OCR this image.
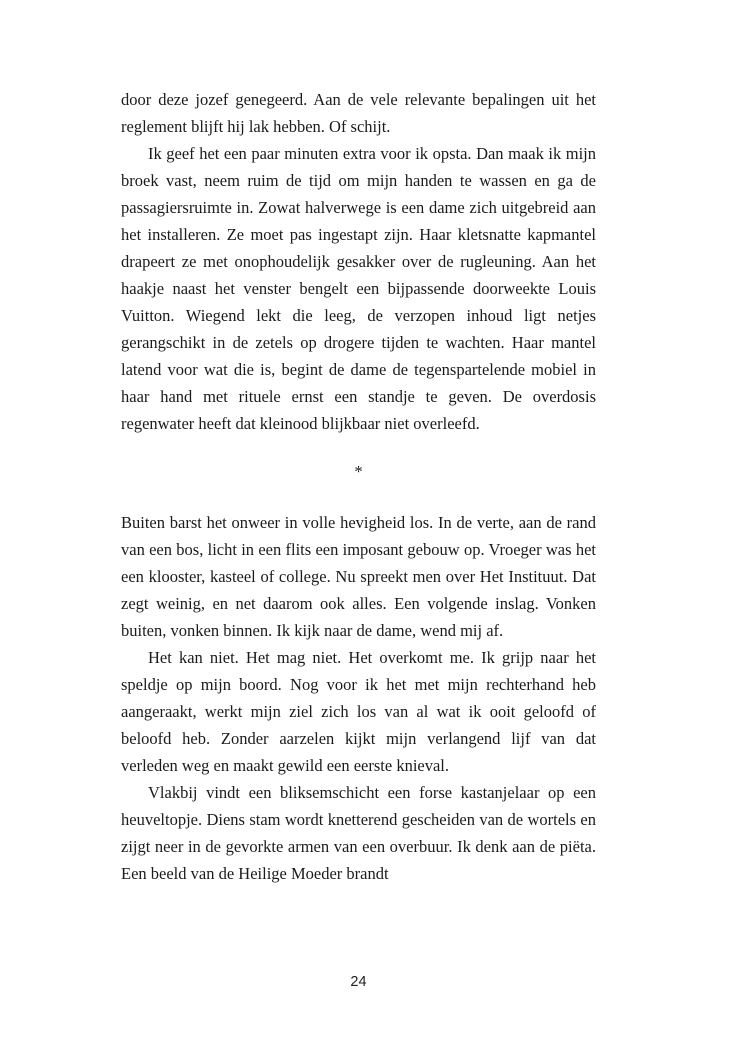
door deze jozef genegeerd. Aan de vele relevante bepalingen uit het reglement blijft hij lak hebben. Of schijt.

Ik geef het een paar minuten extra voor ik opsta. Dan maak ik mijn broek vast, neem ruim de tijd om mijn handen te wassen en ga de passagiersruimte in. Zowat halverwege is een dame zich uitgebreid aan het installeren. Ze moet pas ingestapt zijn. Haar kletsnatte kapmantel drapeert ze met onophoudelijk gesakker over de rugleuning. Aan het haakje naast het venster bengelt een bijpassende doorweekte Louis Vuitton. Wiegend lekt die leeg, de verzopen inhoud ligt netjes gerangschikt in de zetels op drogere tijden te wachten. Haar mantel latend voor wat die is, begint de dame de tegenspartelende mobiel in haar hand met rituele ernst een standje te geven. De overdosis regenwater heeft dat kleinood blijkbaar niet overleefd.

*

Buiten barst het onweer in volle hevigheid los. In de verte, aan de rand van een bos, licht in een flits een imposant gebouw op. Vroeger was het een klooster, kasteel of college. Nu spreekt men over Het Instituut. Dat zegt weinig, en net daarom ook alles. Een volgende inslag. Vonken buiten, vonken binnen. Ik kijk naar de dame, wend mij af.

Het kan niet. Het mag niet. Het overkomt me. Ik grijp naar het speldje op mijn boord. Nog voor ik het met mijn rechterhand heb aangeraakt, werkt mijn ziel zich los van al wat ik ooit geloofd of beloofd heb. Zonder aarzelen kijkt mijn verlangend lijf van dat verleden weg en maakt gewild een eerste knieval.

Vlakbij vindt een bliksemschicht een forse kastanjelaar op een heuveltopje. Diens stam wordt knetterend gescheiden van de wortels en zijgt neer in de gevorkte armen van een overbuur. Ik denk aan de piëta. Een beeld van de Heilige Moeder brandt

24
